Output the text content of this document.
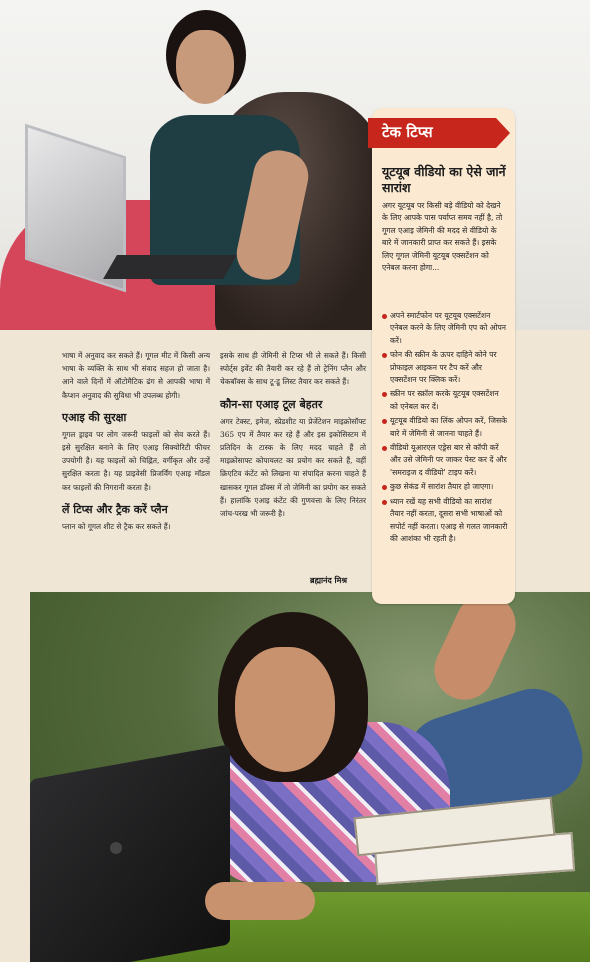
भाषा में अनुवाद कर सकते हैं। गूगल मीट में किसी अन्य भाषा के व्यक्ति के साथ भी संवाद सहज हो जाता है। आने वाले दिनों में ऑटोमैटिक ढंग से आपकी भाषा में कैप्शन अनुवाद की सुविधा भी उपलब्ध होगी।

एआइ की सुरक्षा

गूगल ड्राइव पर लोग जरूरी फाइलों को सेव करते हैं। इसे सुरक्षित बनाने के लिए एआइ सिक्योरिटी फीचर उपयोगी है। यह फाइलों को चिह्नित, वर्गीकृत और उन्हें सुरक्षित करता है। यह प्राइवेसी प्रिजर्विंग एआइ मॉडल कर फाइलों की निगरानी करता है।

लें टिप्स और ट्रैक करें प्लैन

प्लान को गूगल शीट से ट्रैक कर सकते हैं।

इसके साथ ही जेमिनी से टिप्स भी ले सकते हैं। किसी स्पोर्ट्स इवेंट की तैयारी कर रहे हैं तो ट्रेनिंग प्लैन और चेकबॉक्स के साथ टू-डू लिस्ट तैयार कर सकते हैं।

कौन-सा एआइ टूल बेहतर

अगर टेक्स्ट, इमेज, स्प्रेडशीट या प्रेजेंटेशन माइक्रोसॉफ्ट 365 एप में तैयार कर रहे हैं और इस इकोसिस्टम में प्रतिदिन के टास्क के लिए मदद चाहते हैं तो माइक्रोसाफ्ट कोपायलट का प्रयोग कर सकते हैं, वहीं क्रिएटिव कंटेंट को लिखना या संपादित करना चाहते हैं खासकर गूगल डॉक्स में तो जेमिनी का प्रयोग कर सकते हैं। हालांकि एआइ कंटेंट की गुणवत्ता के लिए निरंतर जांच-परख भी जरूरी है।

ब्रह्मानंद मिश्र
टेक टिप्स
यूटयूब वीडियो का ऐसे जानें सारांश
अगर यूटयूब पर किसी बड़े वीडियो को देखने के लिए आपके पास पर्याप्त समय नहीं है, तो गूगल एआइ जेमिनी की मदद से वीडियो के बारे में जानकारी प्राप्त कर सकते हैं। इसके लिए गूगल जेमिनी यूटयूब एक्सटेंशन को एनेबल करना होगा...
अपने स्मार्टफोन पर यूटयूब एक्सटेंशन एनेबल करने के लिए जेमिनी एप को ओपन करें।
फोन की स्क्रीन के ऊपर दाहिने कोने पर प्रोफाइल आइकन पर टैप करें और एक्सटेंशन पर क्लिक करें।
स्क्रीन पर स्क्रॉल करके यूटयूब एक्सटेंशन को एनेबल कर दें।
यूटयूब वीडियो का लिंक ओपन करें, जिसके बारे में जेमिनी से जानना चाहते हैं।
वीडियो यूआरएल एड्रेस बार से कॉपी करें और उसे जेमिनी पर जाकर पेस्ट कर दें और 'समराइज द वीडियो' टाइप करें।
कुछ सेकंड में सारांश तैयार हो जाएगा।
ध्यान रखें यह सभी वीडियो का सारांश तैयार नहीं करता, दूसरा सभी भाषाओं को सपोर्ट नहीं करता। एआइ से गलत जानकारी की आशंका भी रहती है।
